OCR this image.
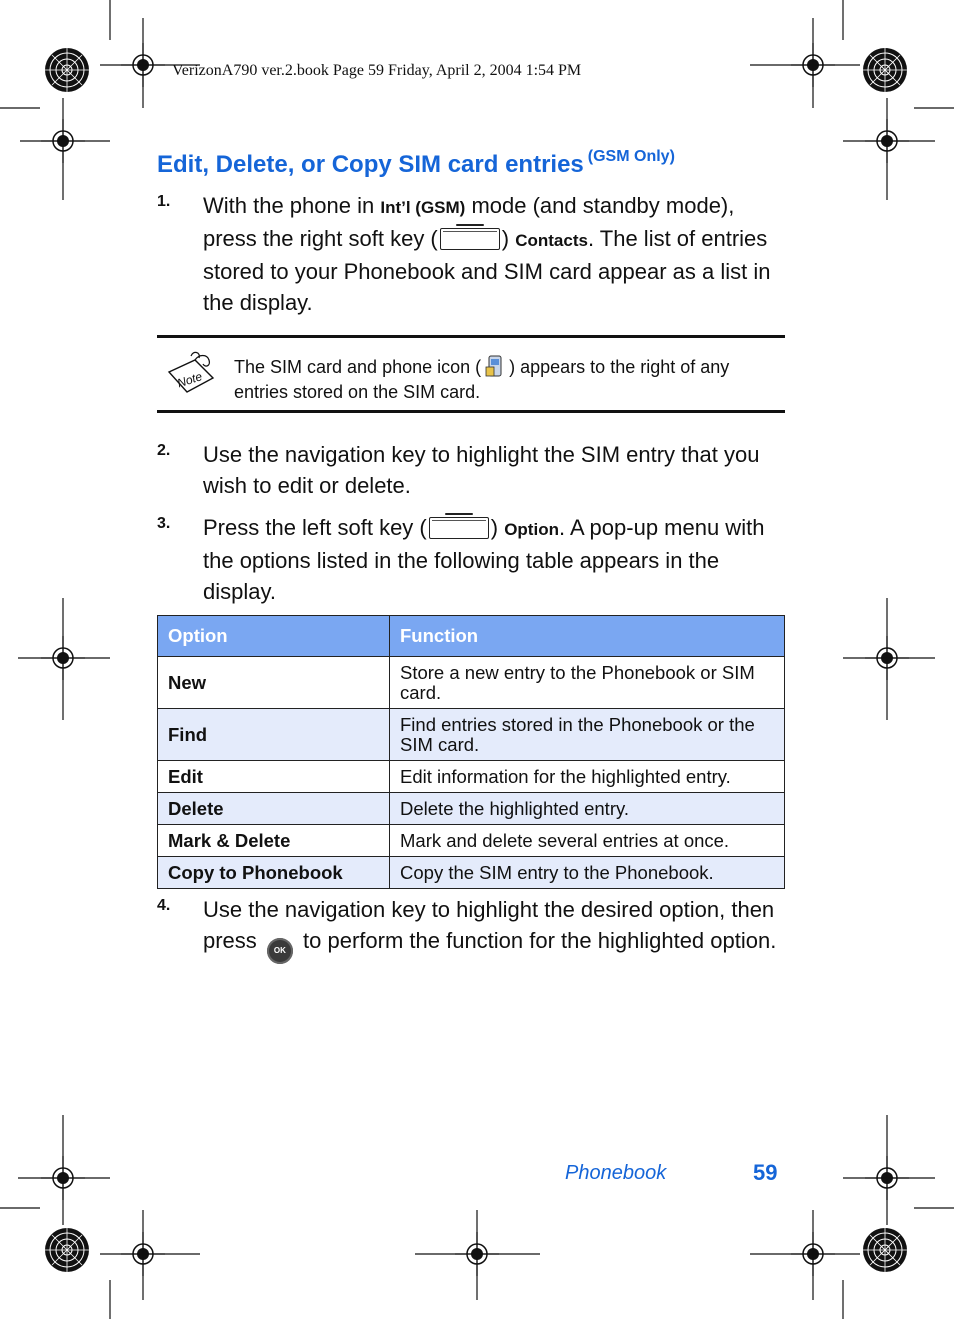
VerizonA790 ver.2.book Page 59 Friday, April 2, 2004 1:54 PM
Edit, Delete, or Copy SIM card entries $^{(GSM Only)}$
1. With the phone in Int’l (GSM) mode (and standby mode), press the right soft key (	) Contacts. The list of entries stored to your Phonebook and SIM card appear as a list in the display.
Note
The SIM card and phone icon ( ) appears to the right of any entries stored on the SIM card.
2. Use the navigation key to highlight the SIM entry that you wish to edit or delete.
3. Press the left soft key (	) Option. A pop-up menu with the options listed in the following table appears in the display.
Option	Function
New	Store a new entry to the Phonebook or SIM card.
Find	Find entries stored in the Phonebook or the SIM card.
Edit	Edit information for the highlighted entry.
Delete	Delete the highlighted entry.
Mark & Delete	Mark and delete several entries at once.
Copy to Phonebook	Copy the SIM entry to the Phonebook.
4. Use the navigation key to highlight the desired option, then press OK to perform the function for the highlighted option.
Phonebook	59
